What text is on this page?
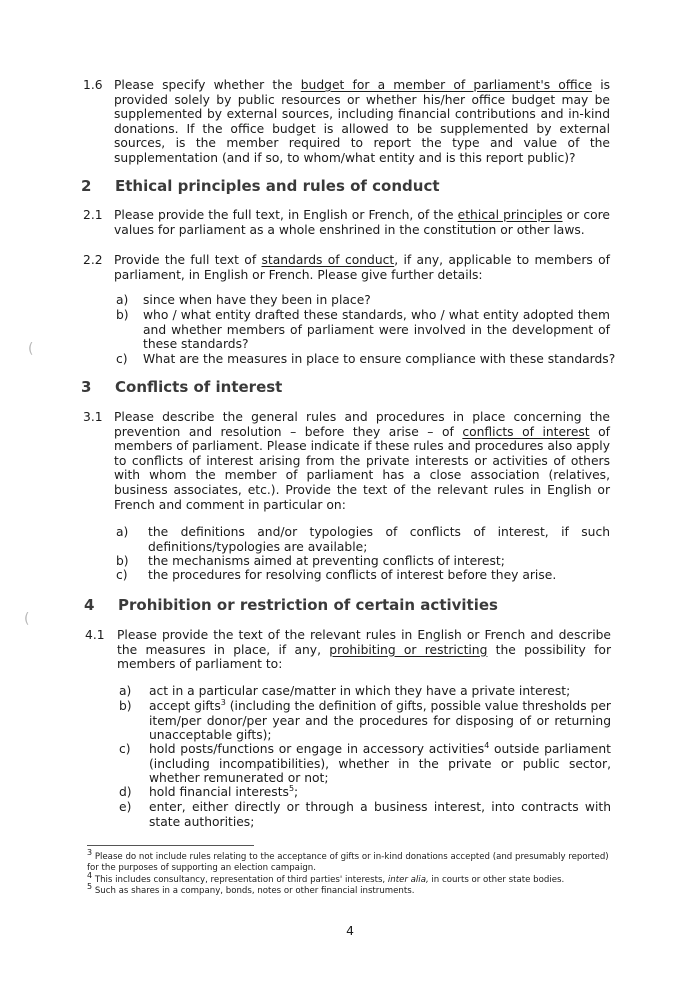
1.6 Please specify whether the budget for a member of parliament's office is provided solely by public resources or whether his/her office budget may be supplemented by external sources, including financial contributions and in-kind donations. If the office budget is allowed to be supplemented by external sources, is the member required to report the type and value of the supplementation (and if so, to whom/what entity and is this report public)?
2 Ethical principles and rules of conduct
2.1 Please provide the full text, in English or French, of the ethical principles or core values for parliament as a whole enshrined in the constitution or other laws.
2.2 Provide the full text of standards of conduct, if any, applicable to members of parliament, in English or French. Please give further details:
a) since when have they been in place?
b) who / what entity drafted these standards, who / what entity adopted them and whether members of parliament were involved in the development of these standards?
c) What are the measures in place to ensure compliance with these standards?
3 Conflicts of interest
3.1 Please describe the general rules and procedures in place concerning the prevention and resolution – before they arise – of conflicts of interest of members of parliament. Please indicate if these rules and procedures also apply to conflicts of interest arising from the private interests or activities of others with whom the member of parliament has a close association (relatives, business associates, etc.). Provide the text of the relevant rules in English or French and comment in particular on:
a) the definitions and/or typologies of conflicts of interest, if such definitions/typologies are available;
b) the mechanisms aimed at preventing conflicts of interest;
c) the procedures for resolving conflicts of interest before they arise.
4 Prohibition or restriction of certain activities
4.1 Please provide the text of the relevant rules in English or French and describe the measures in place, if any, prohibiting or restricting the possibility for members of parliament to:
a) act in a particular case/matter in which they have a private interest;
b) accept gifts$^3$ (including the definition of gifts, possible value thresholds per item/per donor/per year and the procedures for disposing of or returning unacceptable gifts);
c) hold posts/functions or engage in accessory activities$^4$ outside parliament (including incompatibilities), whether in the private or public sector, whether remunerated or not;
d) hold financial interests$^5$;
e) enter, either directly or through a business interest, into contracts with state authorities;
$^3$ Please do not include rules relating to the acceptance of gifts or in-kind donations accepted (and presumably reported) for the purposes of supporting an election campaign.
$^4$ This includes consultancy, representation of third parties' interests, inter alia, in courts or other state bodies.
$^5$ Such as shares in a company, bonds, notes or other financial instruments.
4
(
(
